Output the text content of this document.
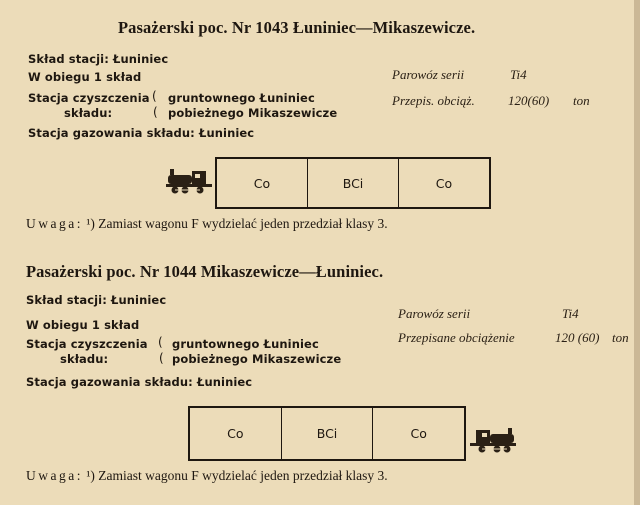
Pasażerski poc. Nr 1043 Łuniniec—Mikaszewicze.
Skład stacji: Łuniniec
W obiegu 1 skład
Stacja czyszczenia
składu:
(
(
gruntownego Łuniniec
pobieżnego Mikaszewicze
Stacja gazowania składu: Łuniniec
Parowóz serii	Ti4
Przepis. obciąż.	120(60) ton
Co	BCi	Co
Uwaga: ¹) Zamiast wagonu F wydzielać jeden przedział klasy 3.
Pasażerski poc. Nr 1044 Mikaszewicze—Łuniniec.
Skład stacji: Łuniniec
W obiegu 1 skład
Stacja czyszczenia
składu:
(
(
gruntownego Łuniniec
pobieżnego Mikaszewicze
Stacja gazowania składu: Łuniniec
Parowóz serii	Ti4
Przepisane obciążenie	120 (60) ton
Co	BCi	Co
Uwaga: ¹) Zamiast wagonu F wydzielać jeden przedział klasy 3.
